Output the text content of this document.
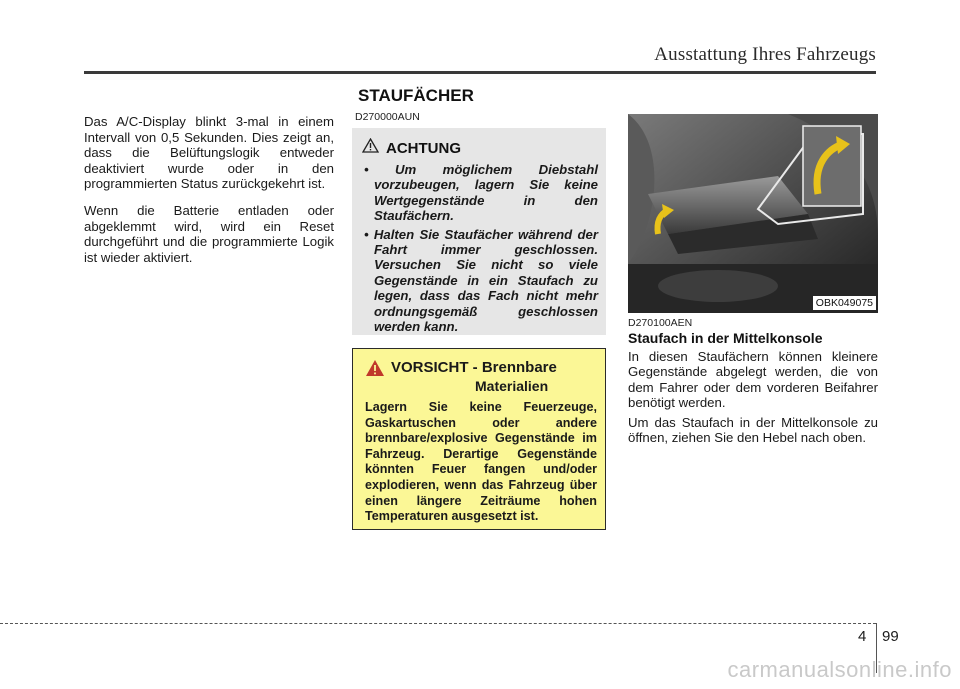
Ausstattung Ihres Fahrzeugs
STAUFÄCHER

Das A/C-Display blinkt 3-mal in einem Intervall von 0,5 Sekunden. Dies zeigt an, dass die Belüftungslogik entweder deaktiviert wurde oder in den programmierten Status zurückgekehrt ist.

Wenn die Batterie entladen oder abgeklemmt wird, wird ein Reset durchgeführt und die programmierte Logik ist wieder aktiviert.

D270000AUN
ACHTUNG
• Um möglichem Diebstahl vorzubeugen, lagern Sie keine Wertgegenstände in den Staufächern.
• Halten Sie Staufächer während der Fahrt immer geschlossen. Versuchen Sie nicht so viele Gegenstände in ein Staufach zu legen, dass das Fach nicht mehr ordnungsgemäß geschlossen werden kann.
VORSICHT - Brennbare
Materialien
Lagern Sie keine Feuerzeuge, Gaskartuschen oder andere brennbare/explosive Gegenstände im Fahrzeug. Derartige Gegenstände könnten Feuer fangen und/oder explodieren, wenn das Fahrzeug über einen längere Zeiträume hohen Temperaturen ausgesetzt ist.
OBK049075
D270100AEN
Staufach in der Mittelkonsole

In diesen Staufächern können kleinere Gegenstände abgelegt werden, die von dem Fahrer oder dem vorderen Beifahrer benötigt werden.

Um das Staufach in der Mittelkonsole zu öffnen, ziehen Sie den Hebel nach oben.

4 99
carmanualsonline.info
